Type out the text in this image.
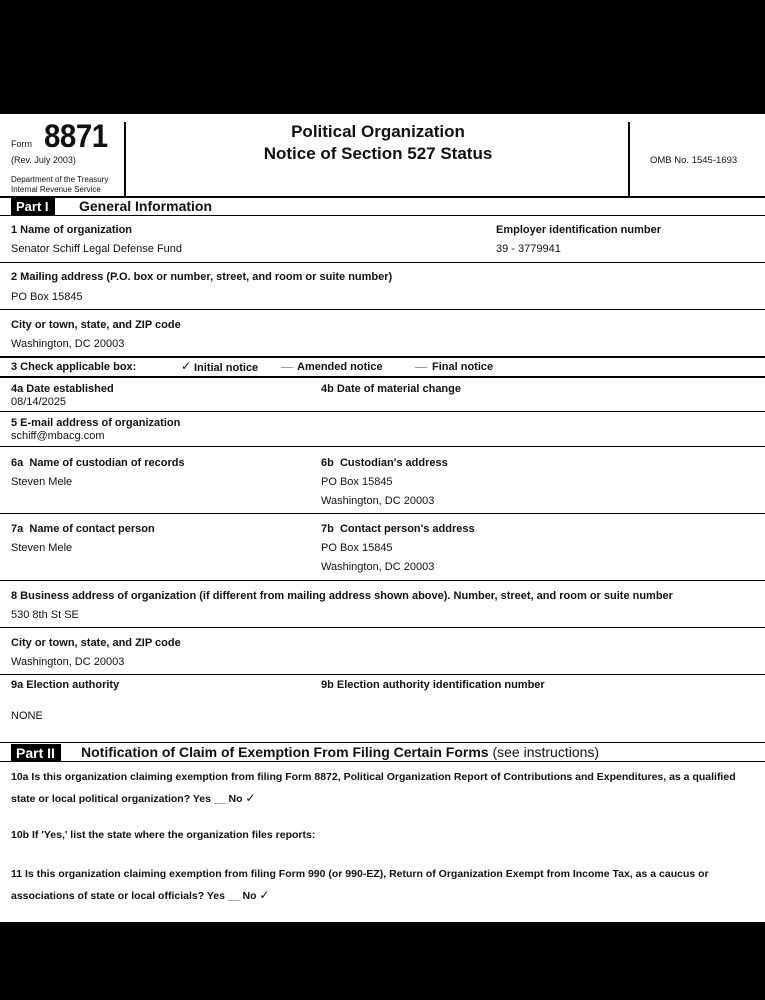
Form 8871
(Rev. July 2003)
Department of the Treasury
Internal Revenue Service
Political Organization
Notice of Section 527 Status	OMB No. 1545-1693
Part I	General Information
1 Name of organization
Senator Schiff Legal Defense Fund
Employer identification number
39 - 3779941
2 Mailing address (P.O. box or number, street, and room or suite number)
PO Box 15845
City or town, state, and ZIP code
Washington, DC 20003
3 Check applicable box:	✓ Initial notice __ Amended notice	__ Final notice
4a Date established
08/14/2025
4b Date of material change
5 E-mail address of organization
schiff@mbacg.com
6a Name of custodian of records
Steven Mele
6b Custodian's address
PO Box 15845
Washington, DC 20003
7a Name of contact person
Steven Mele
7b Contact person's address
PO Box 15845
Washington, DC 20003
8 Business address of organization (if different from mailing address shown above). Number, street, and room or suite number
530 8th St SE
City or town, state, and ZIP code
Washington, DC 20003
9a Election authority
NONE
9b Election authority identification number
Part II	Notification of Claim of Exemption From Filing Certain Forms (see instructions)
10a Is this organization claiming exemption from filing Form 8872, Political Organization Report of Contributions and Expenditures, as a qualified
state or local political organization? Yes __ No ✓
10b If 'Yes,' list the state where the organization files reports:
11 Is this organization claiming exemption from filing Form 990 (or 990-EZ), Return of Organization Exempt from Income Tax, as a caucus or
associations of state or local officials? Yes __ No ✓
